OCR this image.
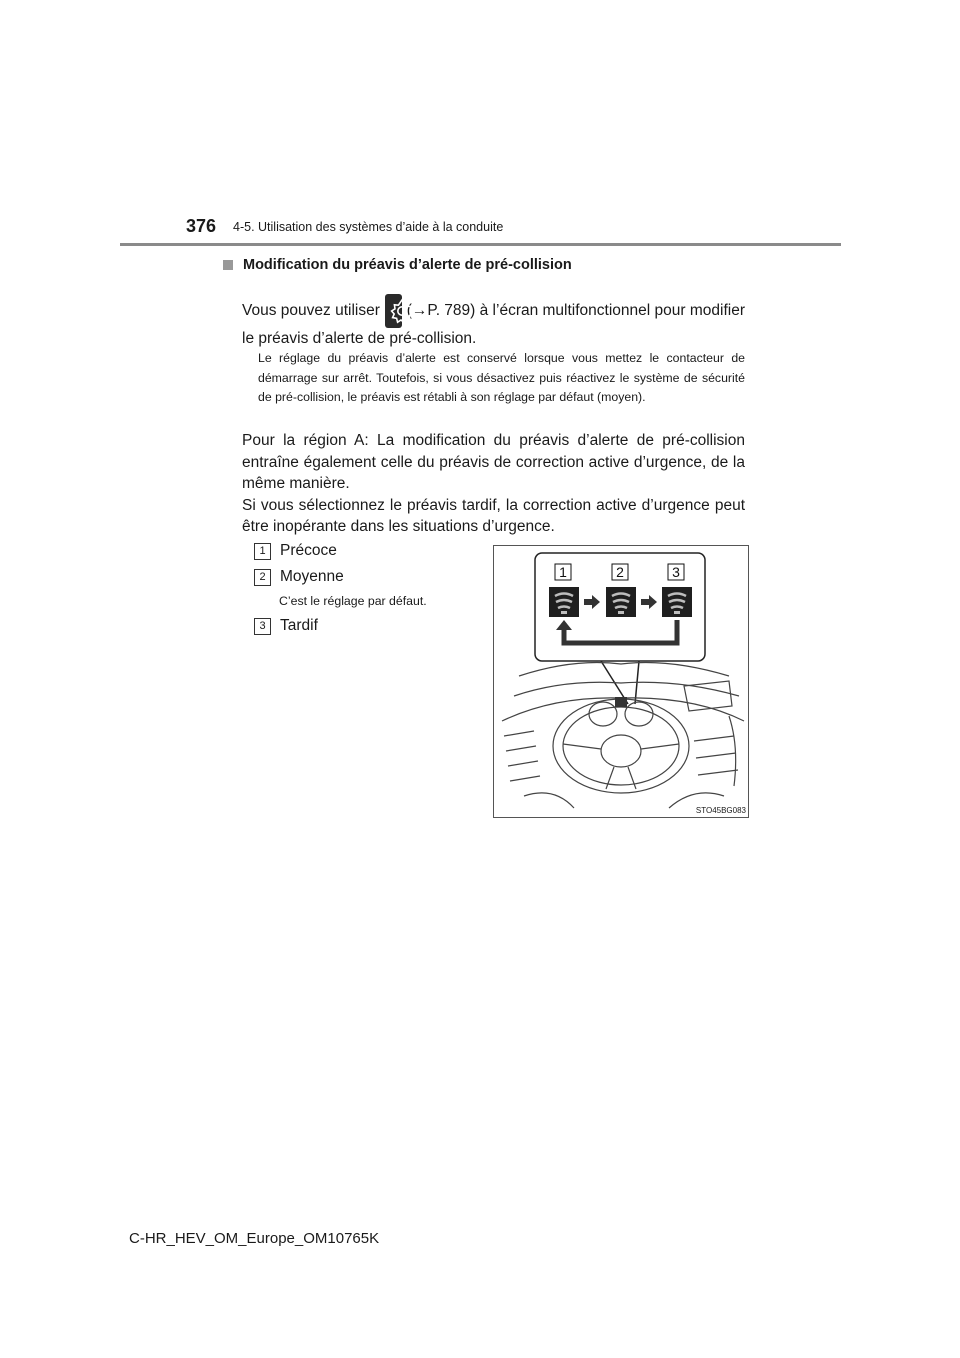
376 4-5. Utilisation des systèmes d’aide à la conduite
Modification du préavis d’alerte de pré-collision
Vous pouvez utiliser (→P. 789) à l’écran multifonctionnel pour modifier
le préavis d’alerte de pré-collision.
Le réglage du préavis d’alerte est conservé lorsque vous mettez le contacteur de démarrage sur arrêt. Toutefois, si vous désactivez puis réactivez le système de sécurité de pré-collision, le préavis est rétabli à son réglage par défaut (moyen).
Pour la région A: La modification du préavis d’alerte de pré-collision entraîne également celle du préavis de correction active d’urgence, de la même manière.
Si vous sélectionnez le préavis tardif, la correction active d’urgence peut être inopérante dans les situations d’urgence.
1 Précoce
2 Moyenne
C’est le réglage par défaut.
3 Tardif
1	2	3
STO45BG083
C-HR_HEV_OM_Europe_OM10765K
